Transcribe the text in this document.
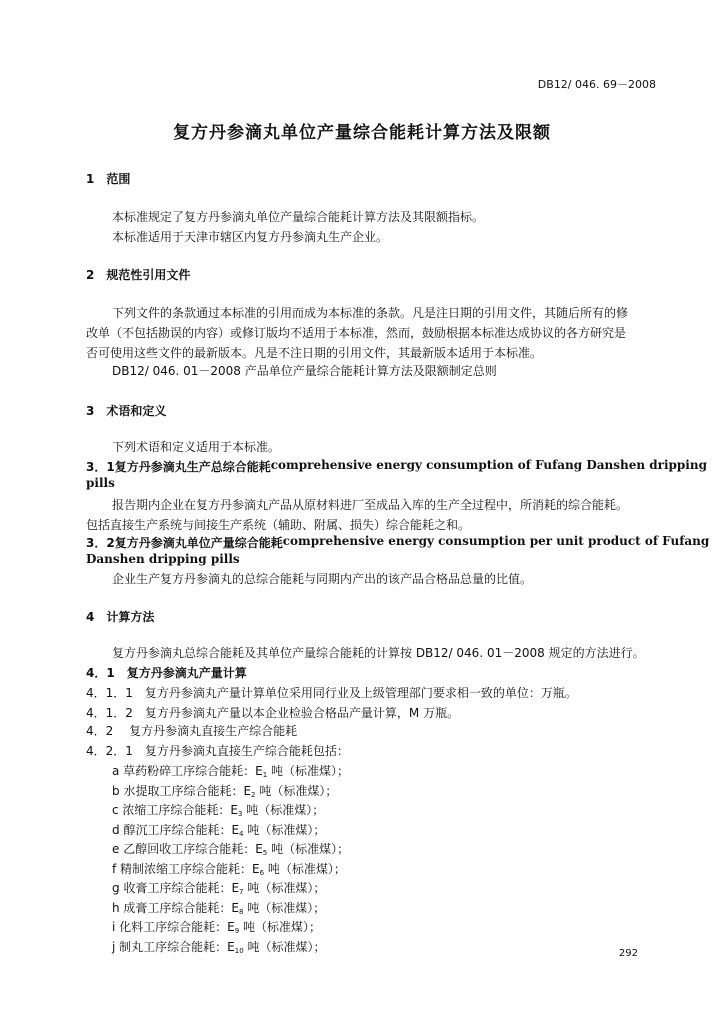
DB12/ 046. 69－2008
复方丹参滴丸单位产量综合能耗计算方法及限额
1　范围
本标准规定了复方丹参滴丸单位产量综合能耗计算方法及其限额指标。
本标准适用于天津市辖区内复方丹参滴丸生产企业。
2　规范性引用文件
下列文件的条款通过本标准的引用而成为本标准的条款。凡是注日期的引用文件，其随后所有的修
改单（不包括勘误的内容）或修订版均不适用于本标准，然而，鼓励根据本标准达成协议的各方研究是
否可使用这些文件的最新版本。凡是不注日期的引用文件，其最新版本适用于本标准。
DB12/ 046. 01－2008 产品单位产量综合能耗计算方法及限额制定总则
3　术语和定义
下列术语和定义适用于本标准。
3．1 复方丹参滴丸生产总综合能耗 comprehensive energy consumption of Fufang Danshen dripping
pills
报告期内企业在复方丹参滴丸产品从原材料进厂至成品入库的生产全过程中，所消耗的综合能耗。
包括直接生产系统与间接生产系统（辅助、附属、损失）综合能耗之和。
3．2 复方丹参滴丸单位产量综合能耗 comprehensive energy consumption per unit product of Fufang
Danshen dripping pills
企业生产复方丹参滴丸的总综合能耗与同期内产出的该产品合格品总量的比值。
4　计算方法
复方丹参滴丸总综合能耗及其单位产量综合能耗的计算按 DB12/ 046. 01－2008 规定的方法进行。
4．1　复方丹参滴丸产量计算
4．1．1　复方丹参滴丸产量计算单位采用同行业及上级管理部门要求相一致的单位：万瓶。
4．1．2　复方丹参滴丸产量以本企业检验合格品产量计算，M 万瓶。
4．2　 复方丹参滴丸直接生产综合能耗
4．2．1　复方丹参滴丸直接生产综合能耗包括：
a 草药粉碎工序综合能耗：$E_1$ 吨（标准煤）；
b 水提取工序综合能耗：$E_2$ 吨（标准煤）；
c 浓缩工序综合能耗：$E_3$ 吨（标准煤）；
d 醇沉工序综合能耗：$E_4$ 吨（标准煤）；
e 乙醇回收工序综合能耗：$E_5$ 吨（标准煤）；
f 精制浓缩工序综合能耗：$E_6$ 吨（标准煤）；
g 收膏工序综合能耗：$E_7$ 吨（标准煤）；
h 成膏工序综合能耗：$E_8$ 吨（标准煤）；
i 化料工序综合能耗：$E_9$ 吨（标准煤）；
j 制丸工序综合能耗：$E_{10}$ 吨（标准煤）；	292
